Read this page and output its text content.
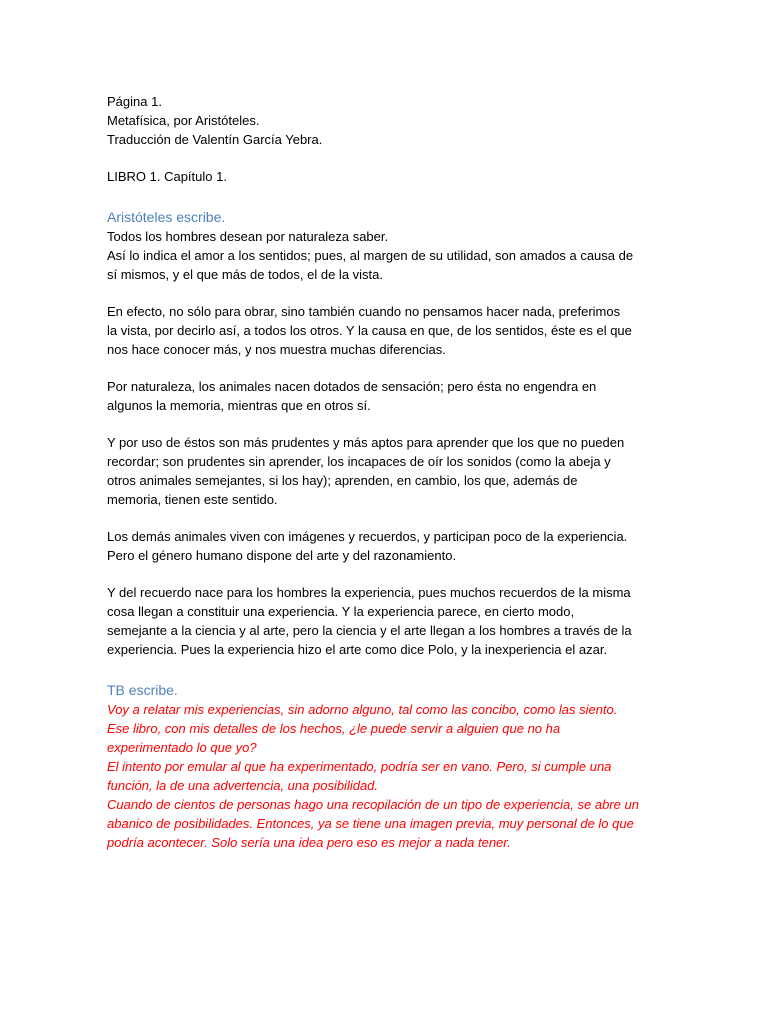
Página 1.
Metafísica, por Aristóteles.
Traducción de Valentín García Yebra.
LIBRO 1. Capítulo 1.
Aristóteles escribe.
Todos los hombres desean por naturaleza saber.
Así lo indica el amor a los sentidos; pues, al margen de su utilidad, son amados a causa de
sí mismos, y el que más de todos, el de la vista.
En efecto, no sólo para obrar, sino también cuando no pensamos hacer nada, preferimos
la vista, por decirlo así, a todos los otros. Y la causa en que, de los sentidos, éste es el que
nos hace conocer más, y nos muestra muchas diferencias.
Por naturaleza, los animales nacen dotados de sensación; pero ésta no engendra en
algunos la memoria, mientras que en otros sí.
Y por uso de éstos son más prudentes y más aptos para aprender que los que no pueden
recordar; son prudentes sin aprender, los incapaces de oír los sonidos (como la abeja y
otros animales semejantes, si los hay); aprenden, en cambio, los que, además de
memoria, tienen este sentido.
Los demás animales viven con imágenes y recuerdos, y participan poco de la experiencia.
Pero el género humano dispone del arte y del razonamiento.
Y del recuerdo nace para los hombres la experiencia, pues muchos recuerdos de la misma
cosa llegan a constituir una experiencia. Y la experiencia parece, en cierto modo,
semejante a la ciencia y al arte, pero la ciencia y el arte llegan a los hombres a través de la
experiencia. Pues la experiencia hizo el arte como dice Polo, y la inexperiencia el azar.
TB escribe.
Voy a relatar mis experiencias, sin adorno alguno, tal como las concibo, como las siento.
Ese libro, con mis detalles de los hechos, ¿le puede servir a alguien que no ha
experimentado lo que yo?
El intento por emular al que ha experimentado, podría ser en vano. Pero, si cumple una
función, la de una advertencia, una posibilidad.
Cuando de cientos de personas hago una recopilación de un tipo de experiencia, se abre un
abanico de posibilidades. Entonces, ya se tiene una imagen previa, muy personal de lo que
podría acontecer. Solo sería una idea pero eso es mejor a nada tener.
